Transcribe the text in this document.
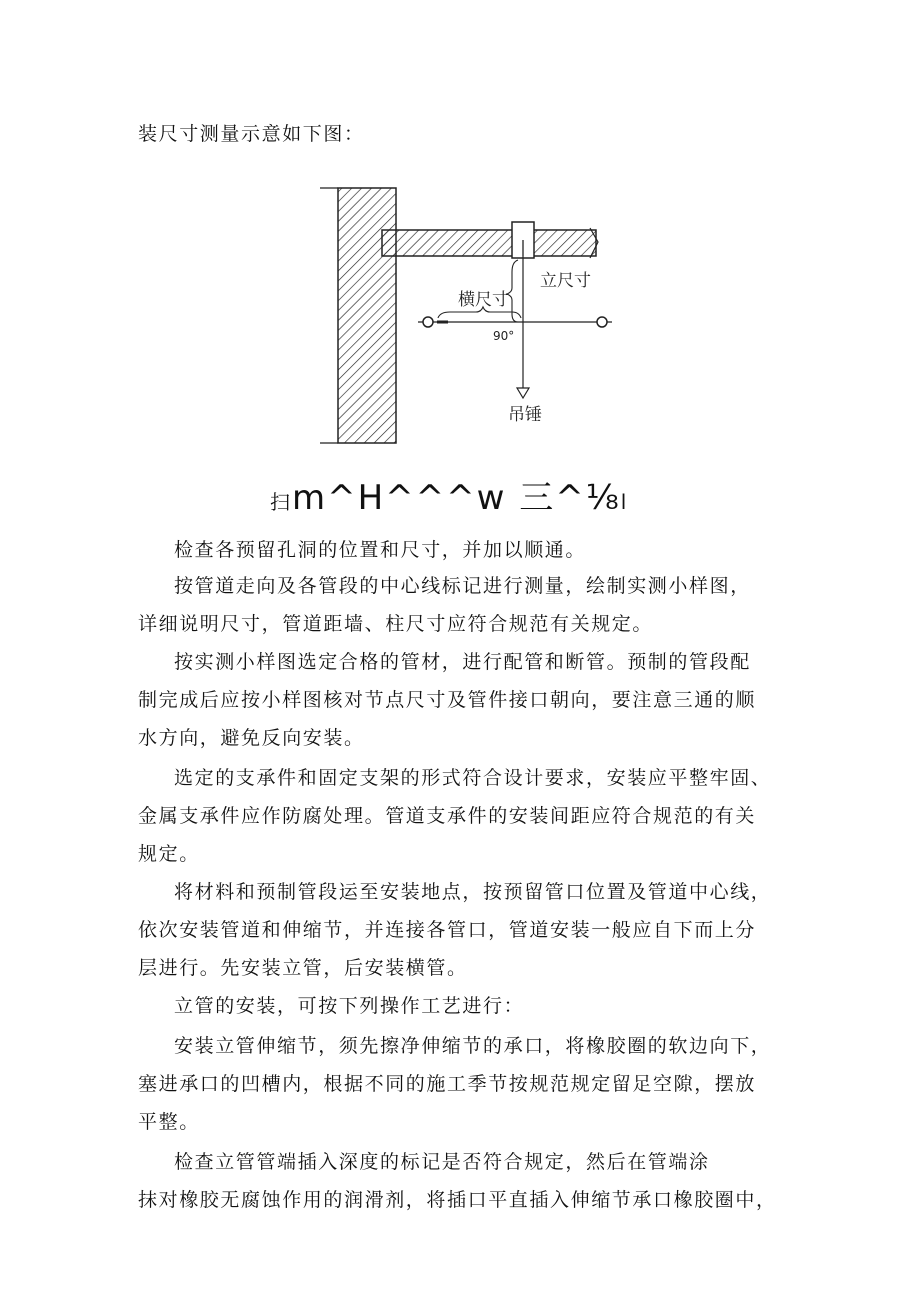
装尺寸测量示意如下图：
立尺寸
横尺寸
90°
吊锤
扫m^H^^^w 三^⅛l
检查各预留孔洞的位置和尺寸，并加以顺通。
按管道走向及各管段的中心线标记进行测量，绘制实测小样图，
详细说明尺寸，管道距墙、柱尺寸应符合规范有关规定。
按实测小样图选定合格的管材，进行配管和断管。预制的管段配
制完成后应按小样图核对节点尺寸及管件接口朝向，要注意三通的顺
水方向，避免反向安装。
选定的支承件和固定支架的形式符合设计要求，安装应平整牢固、
金属支承件应作防腐处理。管道支承件的安装间距应符合规范的有关
规定。
将材料和预制管段运至安装地点，按预留管口位置及管道中心线，
依次安装管道和伸缩节，并连接各管口，管道安装一般应自下而上分
层进行。先安装立管，后安装横管。
立管的安装，可按下列操作工艺进行：
安装立管伸缩节，须先擦净伸缩节的承口，将橡胶圈的软边向下，
塞进承口的凹槽内，根据不同的施工季节按规范规定留足空隙，摆放
平整。
检查立管管端插入深度的标记是否符合规定，然后在管端涂
抹对橡胶无腐蚀作用的润滑剂，将插口平直插入伸缩节承口橡胶圈中，
